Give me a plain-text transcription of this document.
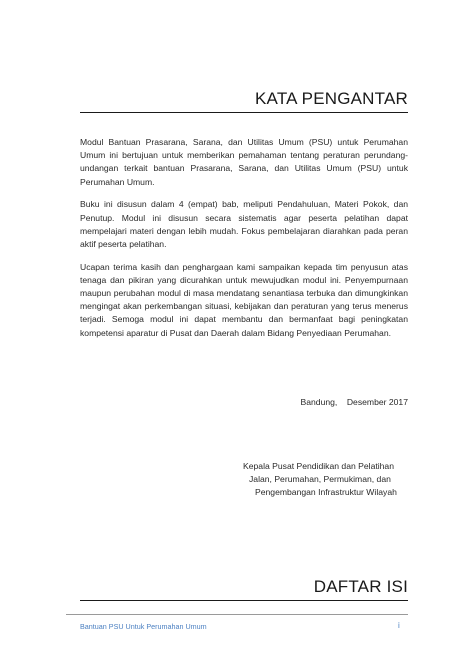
KATA PENGANTAR

Modul Bantuan Prasarana, Sarana, dan Utilitas Umum (PSU) untuk Perumahan Umum ini bertujuan untuk memberikan pemahaman tentang peraturan perundang-undangan terkait bantuan Prasarana, Sarana, dan Utilitas Umum (PSU) untuk Perumahan Umum.

Buku ini disusun dalam 4 (empat) bab, meliputi Pendahuluan, Materi Pokok, dan Penutup. Modul ini disusun secara sistematis agar peserta pelatihan dapat mempelajari materi dengan lebih mudah. Fokus pembelajaran diarahkan pada peran aktif peserta pelatihan.

Ucapan terima kasih dan penghargaan kami sampaikan kepada tim penyusun atas tenaga dan pikiran yang dicurahkan untuk mewujudkan modul ini. Penyempurnaan maupun perubahan modul di masa mendatang senantiasa terbuka dan dimungkinkan mengingat akan perkembangan situasi, kebijakan dan peraturan yang terus menerus terjadi. Semoga modul ini dapat membantu dan bermanfaat bagi peningkatan kompetensi aparatur di Pusat dan Daerah dalam Bidang Penyediaan Perumahan.

Bandung,    Desember 2017
Kepala Pusat Pendidikan dan Pelatihan
Jalan, Perumahan, Permukiman, dan
Pengembangan Infrastruktur Wilayah
DAFTAR ISI
Bantuan PSU Untuk Perumahan Umum	i
